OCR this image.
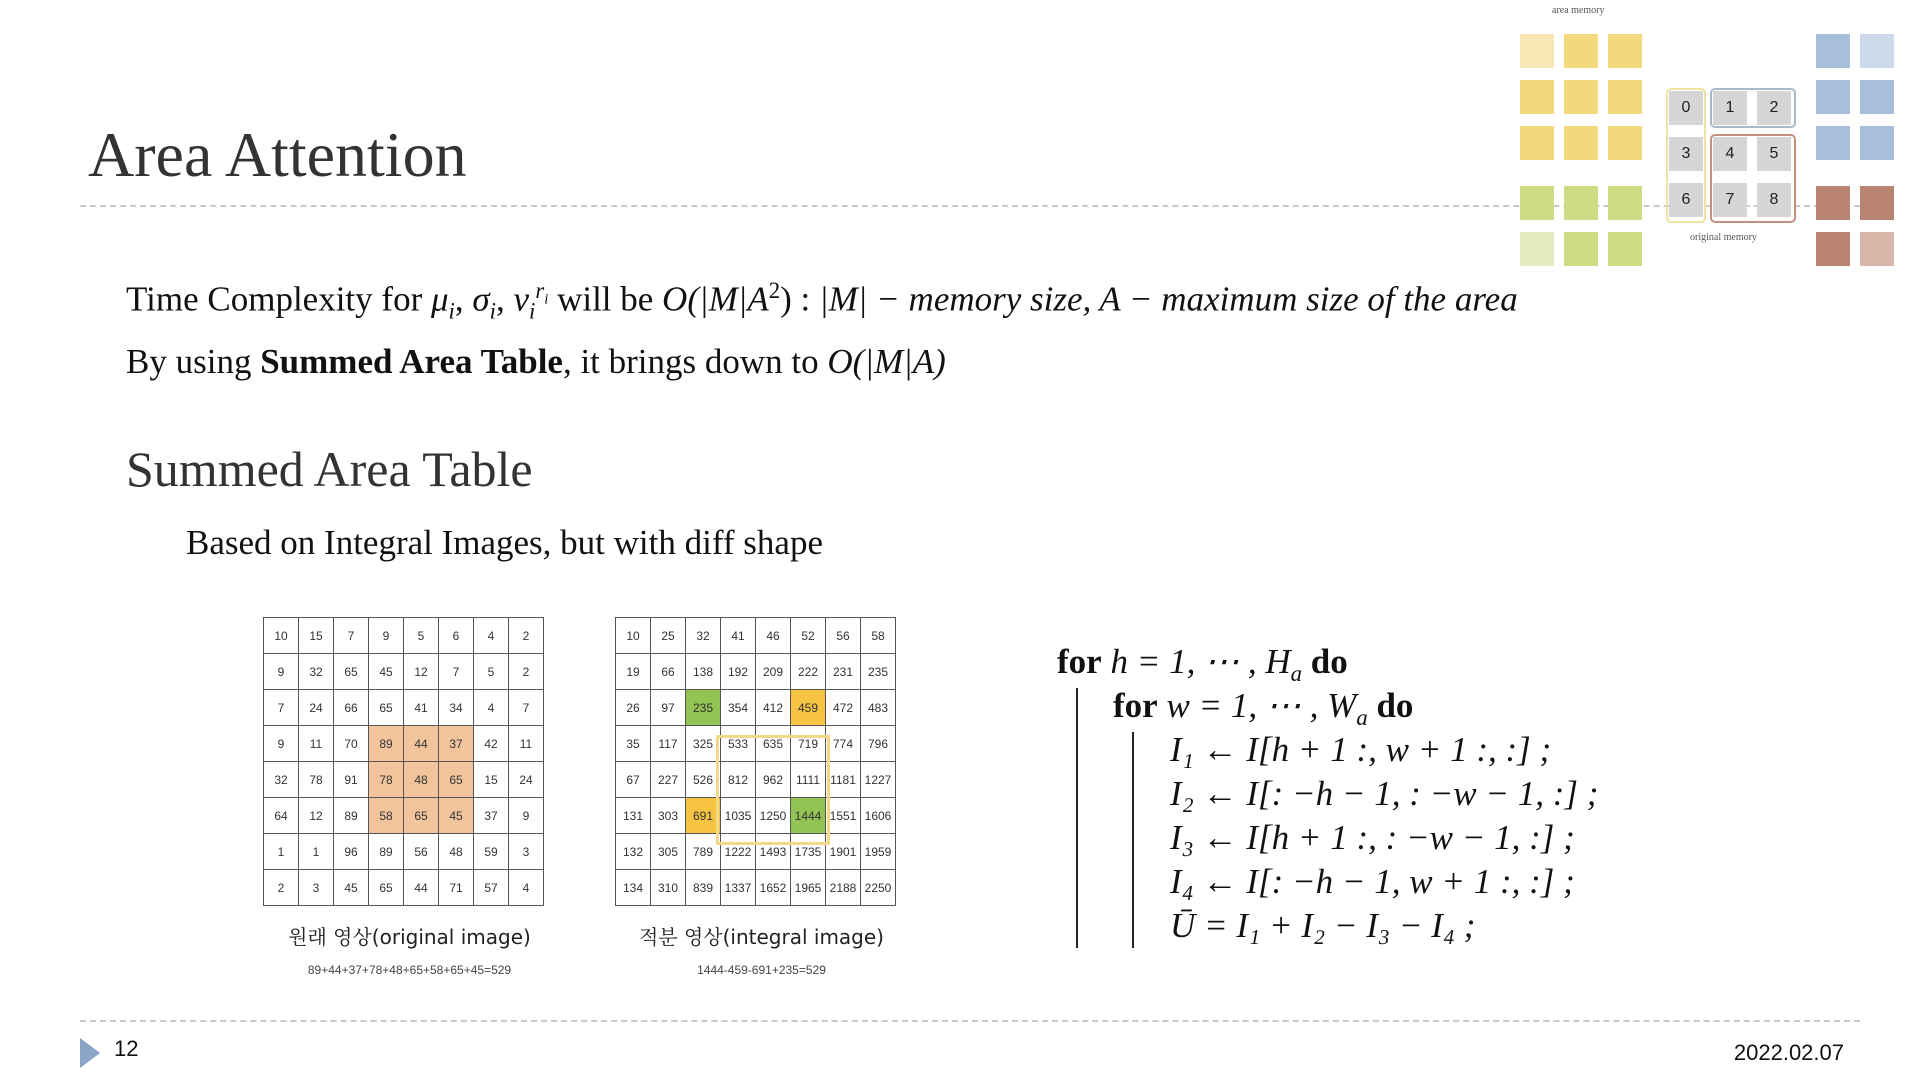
Area Attention
Time Complexity for $\mu_i$, $\sigma_i$, $\nu_i^{r_i}$ will be $O(|M|A^2)$ : |M| − memory size, A − maximum size of the area
By using Summed Area Table, it brings down to O(|M|A)
Summed Area Table
Based on Integral Images, but with diff shape
10	15	7	9	5	6	4	2
9	32	65	45	12	7	5	2
7	24	66	65	41	34	4	7
9	11	70	89	44	37	42	11
32	78	91	78	48	65	15	24
64	12	89	58	65	45	37	9
1	1	96	89	56	48	59	3
2	3	45	65	44	71	57	4
원래 영상(original image)
89+44+37+78+48+65+58+65+45=529
10	25	32	41	46	52	56	58
19	66	138	192	209	222	231	235
26	97	235	354	412	459	472	483
35	117	325	533	635	719	774	796
67	227	526	812	962	1111	1181	1227
131	303	691	1035	1250	1444	1551	1606
132	305	789	1222	1493	1735	1901	1959
134	310	839	1337	1652	1965	2188	2250
적분 영상(integral image)
1444-459-691+235=529
for h = 1, ⋯ , $H_a$ do
for w = 1, ⋯ , $W_a$ do
I₁ ← I[h + 1 :, w + 1 :, :] ;
I₂ ← I[: −h − 1, : −w − 1, :] ;
I₃ ← I[h + 1 :, : −w − 1, :] ;
I₄ ← I[: −h − 1, w + 1 :, :] ;
Ū = I₁ + I₂ − I₃ − I₄ ;
area memory
0	1	2
3	4	5
6	7	8
original memory
12	2022.02.07
